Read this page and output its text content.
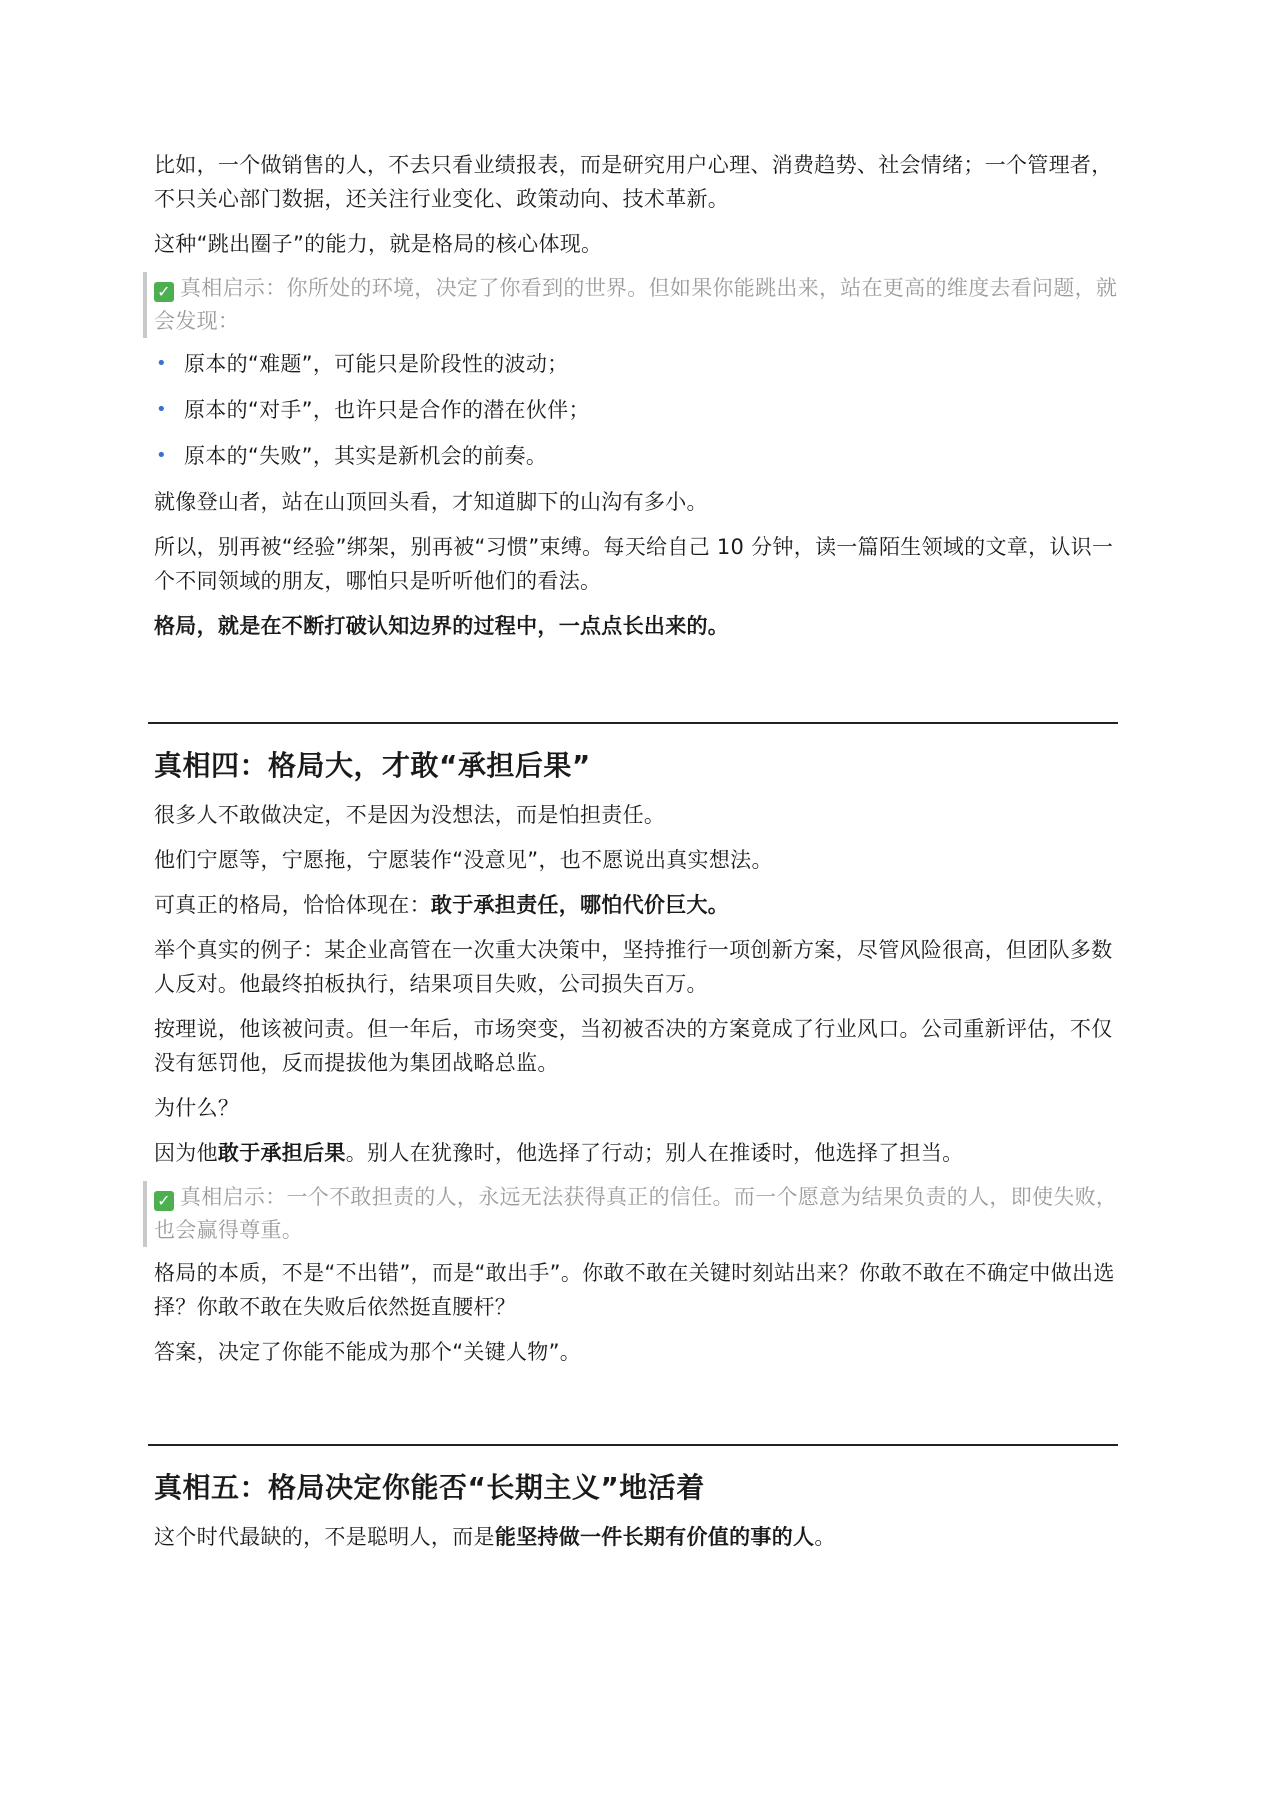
比如，一个做销售的人，不去只看业绩报表，而是研究用户心理、消费趋势、社会情绪；一个管理者，不只关心部门数据，还关注行业变化、政策动向、技术革新。

这种“跳出圈子”的能力，就是格局的核心体现。

✓ 真相启示：你所处的环境，决定了你看到的世界。但如果你能跳出来，站在更高的维度去看问题，就会发现：
• 原本的“难题”，可能只是阶段性的波动；
• 原本的“对手”，也许只是合作的潜在伙伴；
• 原本的“失败”，其实是新机会的前奏。

就像登山者，站在山顶回头看，才知道脚下的山沟有多小。

所以，别再被“经验”绑架，别再被“习惯”束缚。每天给自己 10 分钟，读一篇陌生领域的文章，认识一个不同领域的朋友，哪怕只是听听他们的看法。

格局，就是在不断打破认知边界的过程中，一点点长出来的。

真相四：格局大，才敢“承担后果”

很多人不敢做决定，不是因为没想法，而是怕担责任。

他们宁愿等，宁愿拖，宁愿装作“没意见”，也不愿说出真实想法。

可真正的格局，恰恰体现在：敢于承担责任，哪怕代价巨大。

举个真实的例子：某企业高管在一次重大决策中，坚持推行一项创新方案，尽管风险很高，但团队多数人反对。他最终拍板执行，结果项目失败，公司损失百万。

按理说，他该被问责。但一年后，市场突变，当初被否决的方案竟成了行业风口。公司重新评估，不仅没有惩罚他，反而提拔他为集团战略总监。

为什么？

因为他敢于承担后果。别人在犹豫时，他选择了行动；别人在推诿时，他选择了担当。

✓ 真相启示：一个不敢担责的人，永远无法获得真正的信任。而一个愿意为结果负责的人，即使失败，也会赢得尊重。

格局的本质，不是“不出错”，而是“敢出手”。你敢不敢在关键时刻站出来？你敢不敢在不确定中做出选择？你敢不敢在失败后依然挺直腰杆？

答案，决定了你能不能成为那个“关键人物”。

真相五：格局决定你能否“长期主义”地活着

这个时代最缺的，不是聪明人，而是能坚持做一件长期有价值的事的人。
